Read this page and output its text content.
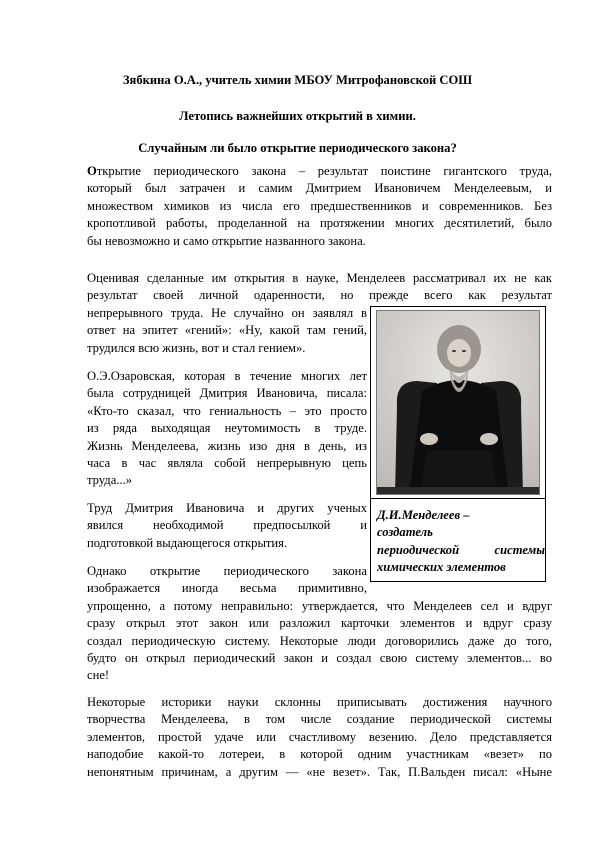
Зябкина О.А., учитель химии МБОУ Митрофановской СОШ
Летопись важнейших открытий в химии.
Случайным ли было открытие периодического закона?
Открытие периодического закона – результат поистине гигантского труда,
который был затрачен и самим Дмитрием Ивановичем Менделеевым, и
множеством химиков из числа его предшественников и современников. Без
кропотливой работы, проделанной на протяжении многих десятилетий, было
бы невозможно и само открытие названного закона.
Оценивая сделанные им открытия в науке, Менделеев рассматривал их не как
результат своей личной одаренности, но прежде всего как результат
непрерывного труда. Не случайно он заявлял в
ответ на эпитет «гений»: «Ну, какой там гений,
трудился всю жизнь, вот и стал гением».
О.Э.Озаровская, которая в течение многих лет
была сотрудницей Дмитрия Ивановича, писала:
«Кто-то сказал, что гениальность – это просто
из ряда выходящая неутомимость в труде.
Жизнь Менделеева, жизнь изо дня в день, из
часа в час являла собой непрерывную цепь
труда...»
Труд Дмитрия Ивановича и других ученых
явился необходимой предпосылкой и
подготовкой выдающегося открытия.
Однако открытие периодического закона
изображается иногда весьма примитивно,
упрощенно, а потому неправильно: утверждается, что Менделеев сел и вдруг
сразу открыл этот закон или разложил карточки элементов и вдруг сразу
создал периодическую систему. Некоторые люди договорились даже до того,
будто он открыл периодический закон и создал свою систему элементов... во
сне!
Некоторые историки науки склонны приписывать достижения научного
творчества Менделеева, в том числе создание периодической системы
элементов, простой удаче или счастливому везению. Дело представляется
наподобие какой-то лотереи, в которой одним участникам «везет» по
непонятным причинам, а другим — «не везет». Так, П.Вальден писал: «Ныне
Д.И.Менделеев –
создатель
периодической системы
химических элементов
